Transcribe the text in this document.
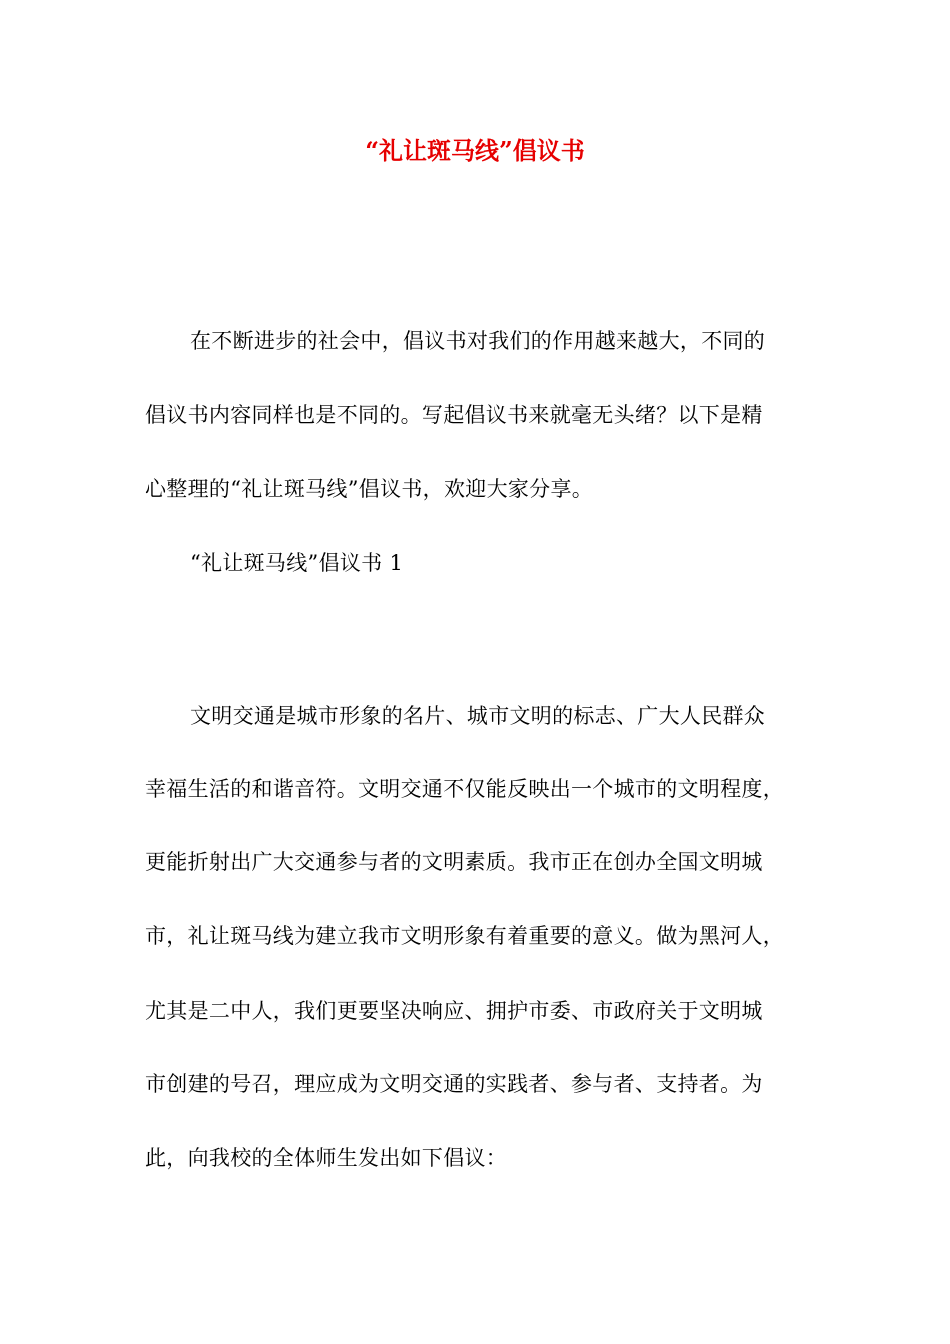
“礼让斑马线”倡议书
在不断进步的社会中，倡议书对我们的作用越来越大，不同的
倡议书内容同样也是不同的。写起倡议书来就毫无头绪？以下是精
心整理的“礼让斑马线”倡议书，欢迎大家分享。
“礼让斑马线”倡议书 1
文明交通是城市形象的名片、城市文明的标志、广大人民群众
幸福生活的和谐音符。文明交通不仅能反映出一个城市的文明程度，
更能折射出广大交通参与者的文明素质。我市正在创办全国文明城
市，礼让斑马线为建立我市文明形象有着重要的意义。做为黑河人，
尤其是二中人，我们更要坚决响应、拥护市委、市政府关于文明城
市创建的号召，理应成为文明交通的实践者、参与者、支持者。为
此，向我校的全体师生发出如下倡议：
